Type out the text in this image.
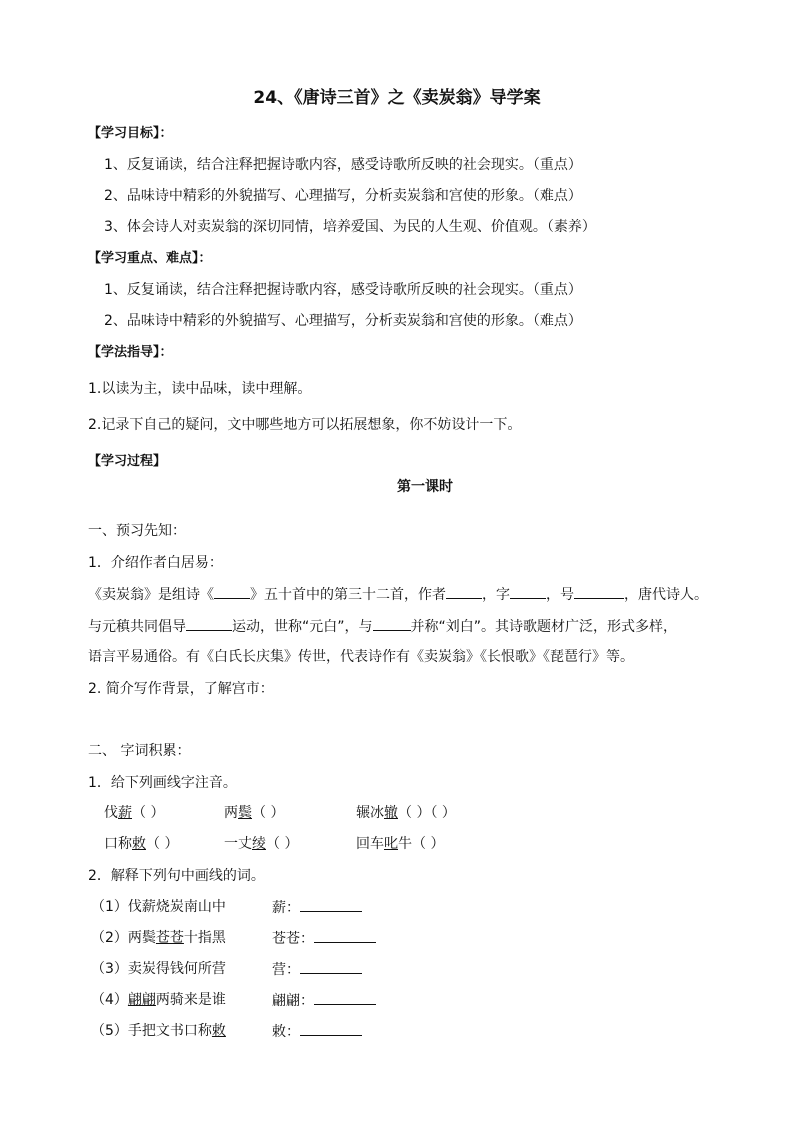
24、《唐诗三首》之《卖炭翁》导学案
【学习目标】：
1、反复诵读，结合注释把握诗歌内容，感受诗歌所反映的社会现实。（重点）
2、品味诗中精彩的外貌描写、心理描写，分析卖炭翁和宫使的形象。（难点）
3、体会诗人对卖炭翁的深切同情，培养爱国、为民的人生观、价值观。（素养）
【学习重点、难点】：
1、反复诵读，结合注释把握诗歌内容，感受诗歌所反映的社会现实。（重点）
2、品味诗中精彩的外貌描写、心理描写，分析卖炭翁和宫使的形象。（难点）
【学法指导】：
1.以读为主，读中品味，读中理解。
2.记录下自己的疑问，文中哪些地方可以拓展想象，你不妨设计一下。
【学习过程】
第一课时
一、预习先知：
1．介绍作者白居易：
《卖炭翁》是组诗《	》五十首中的第三十二首，作者	，字	，号	，唐代诗人。
与元稹共同倡导	运动，世称“元白”，与	并称“刘白”。其诗歌题材广泛，形式多样，
语言平易通俗。有《白氏长庆集》传世，代表诗作有《卖炭翁》《长恨歌》《琵琶行》等。
2. 简介写作背景，了解宫市：
二、 字词积累：
1．给下列画线字注音。
伐薪（ ）	两鬓（ ）	辗冰辙（ ）（ ）
口称敕（ ）	一丈绫（ ）	回车叱牛（ ）
2．解释下列句中画线的词。
（1）伐薪烧炭南山中	薪：
（2）两鬓苍苍十指黑	苍苍：
（3）卖炭得钱何所营	营：
（4）翩翩两骑来是谁	翩翩：
（5）手把文书口称敕	敕：
